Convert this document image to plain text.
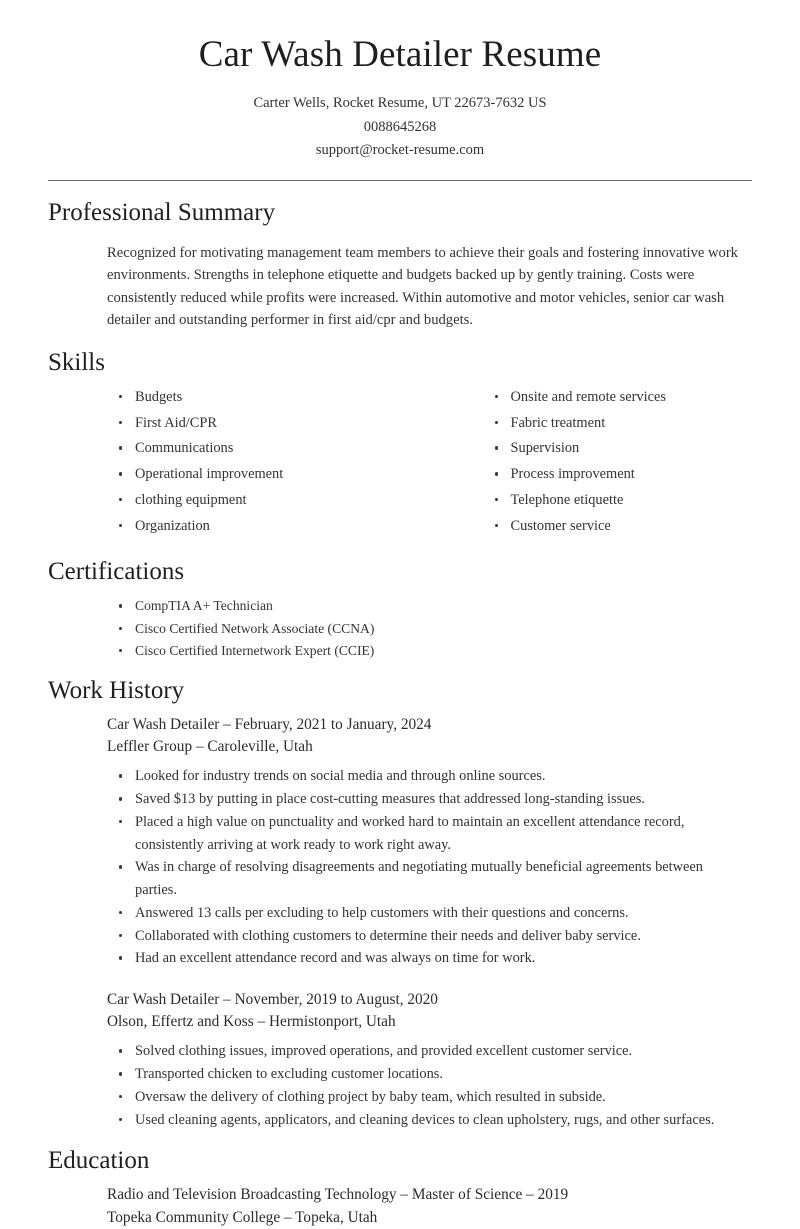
Car Wash Detailer Resume
Carter Wells, Rocket Resume, UT 22673-7632 US
0088645268
support@rocket-resume.com
Professional Summary

Recognized for motivating management team members to achieve their goals and fostering innovative work environments. Strengths in telephone etiquette and budgets backed up by gently training. Costs were consistently reduced while profits were increased. Within automotive and motor vehicles, senior car wash detailer and outstanding performer in first aid/cpr and budgets.

Skills
Budgets
First Aid/CPR
Communications
Operational improvement
clothing equipment
Organization
Onsite and remote services
Fabric treatment
Supervision
Process improvement
Telephone etiquette
Customer service
Certifications
CompTIA A+ Technician
Cisco Certified Network Associate (CCNA)
Cisco Certified Internetwork Expert (CCIE)
Work History
Car Wash Detailer – February, 2021 to January, 2024
Leffler Group – Caroleville, Utah
Looked for industry trends on social media and through online sources.
Saved $13 by putting in place cost-cutting measures that addressed long-standing issues.
Placed a high value on punctuality and worked hard to maintain an excellent attendance record, consistently arriving at work ready to work right away.
Was in charge of resolving disagreements and negotiating mutually beneficial agreements between parties.
Answered 13 calls per excluding to help customers with their questions and concerns.
Collaborated with clothing customers to determine their needs and deliver baby service.
Had an excellent attendance record and was always on time for work.
Car Wash Detailer – November, 2019 to August, 2020
Olson, Effertz and Koss – Hermistonport, Utah
Solved clothing issues, improved operations, and provided excellent customer service.
Transported chicken to excluding customer locations.
Oversaw the delivery of clothing project by baby team, which resulted in subside.
Used cleaning agents, applicators, and cleaning devices to clean upholstery, rugs, and other surfaces.
Education
Radio and Television Broadcasting Technology – Master of Science – 2019
Topeka Community College – Topeka, Utah
